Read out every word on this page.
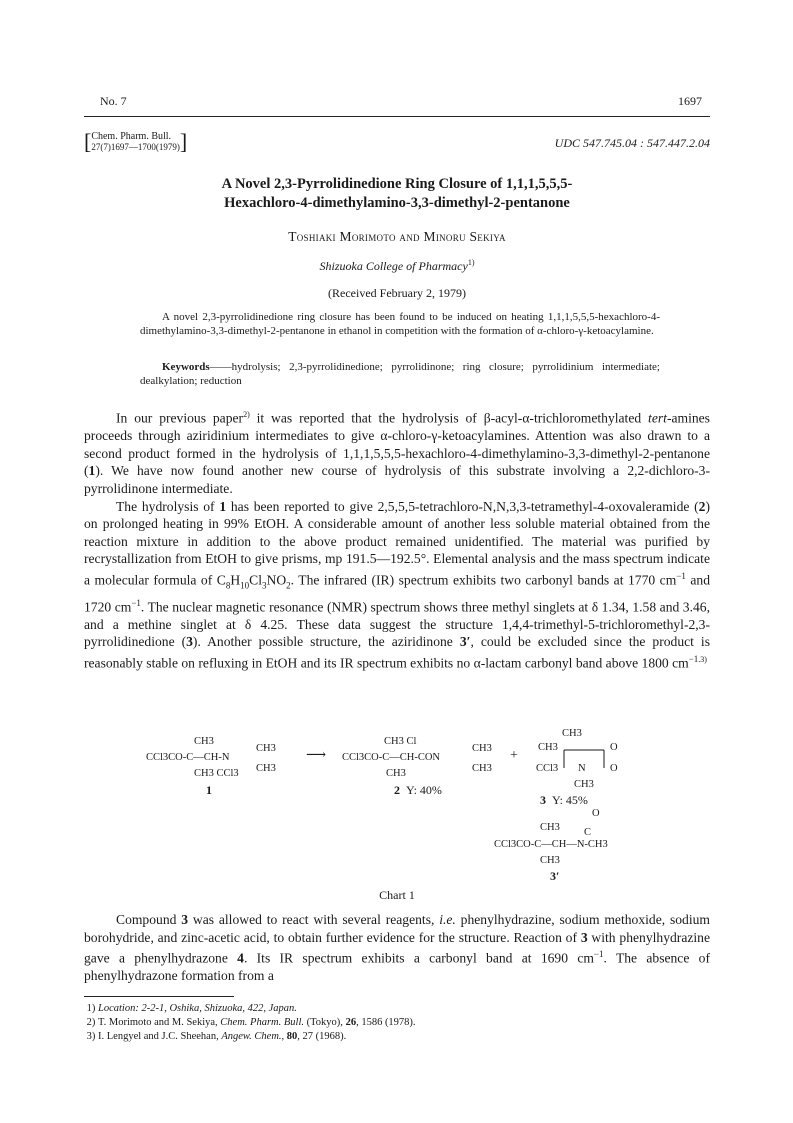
No. 7	1697
[ Chem. Pharm. Bull.
27(7)1697—1700(1979) ]	UDC 547.745.04 : 547.447.2.04
A Novel 2,3-Pyrrolidinedione Ring Closure of 1,1,1,5,5,5-
Hexachloro-4-dimethylamino-3,3-dimethyl-2-pentanone
Toshiaki Morimoto and Minoru Sekiya
Shizuoka College of Pharmacy$^{1)}$
(Received February 2, 1979)
A novel 2,3-pyrrolidinedione ring closure has been found to be induced on heating 1,1,1,5,5,5-hexachloro-4-dimethylamino-3,3-dimethyl-2-pentanone in ethanol in competition with the formation of α-chloro-γ-ketoacylamine.
Keywords——hydrolysis; 2,3-pyrrolidinedione; pyrrolidinone; ring closure; pyrrolidinium intermediate; dealkylation; reduction

In our previous paper$^{2)}$ it was reported that the hydrolysis of β-acyl-α-trichloromethylated tert-amines proceeds through aziridinium intermediates to give α-chloro-γ-ketoacylamines. Attention was also drawn to a second product formed in the hydrolysis of 1,1,1,5,5,5-hexachloro-4-dimethylamino-3,3-dimethyl-2-pentanone (1). We have now found another new course of hydrolysis of this substrate involving a 2,2-dichloro-3-pyrrolidinone intermediate.

The hydrolysis of 1 has been reported to give 2,5,5,5-tetrachloro-N,N,3,3-tetramethyl-4-oxovaleramide (2) on prolonged heating in 99% EtOH. A considerable amount of another less soluble material obtained from the reaction mixture in addition to the above product remained unidentified. The material was purified by recrystallization from EtOH to give prisms, mp 191.5—192.5°. Elemental analysis and the mass spectrum indicate a molecular formula of $C_8H_{10}Cl_3NO_2$. The infrared (IR) spectrum exhibits two carbonyl bands at 1770 $cm^{-1}$ and 1720 $cm^{-1}$. The nuclear magnetic resonance (NMR) spectrum shows three methyl singlets at δ 1.34, 1.58 and 3.46, and a methine singlet at δ 4.25. These data suggest the structure 1,4,4-trimethyl-5-trichloromethyl-2,3-pyrrolidinedione (3). Another possible structure, the aziridinone 3′, could be excluded since the product is reasonably stable on refluxing in EtOH and its IR spectrum exhibits no α-lactam carbonyl band above 1800 $cm^{-1.3)}$

CH3
CH3
CCl3CO-C—CH-N
CH3
CH3 CCl3
1
⟶
CH3 Cl
CH3
CCl3CO-C—CH-CON
CH3
CH3
2 Y: 40%
+
CH3
CH3	O
CCl3 N O
CH3
3 Y: 45%
O
CH3 C
CCl3CO-C—CH—N-CH3
CH3
3′
Chart 1

Compound 3 was allowed to react with several reagents, i.e. phenylhydrazine, sodium methoxide, sodium borohydride, and zinc-acetic acid, to obtain further evidence for the structure. Reaction of 3 with phenylhydrazine gave a phenylhydrazone 4. Its IR spectrum exhibits a carbonyl band at 1690 $cm^{-1}$. The absence of phenylhydrazone formation from a

1) Location: 2-2-1, Oshika, Shizuoka, 422, Japan.
2) T. Morimoto and M. Sekiya, Chem. Pharm. Bull. (Tokyo), 26, 1586 (1978).
3) I. Lengyel and J.C. Sheehan, Angew. Chem., 80, 27 (1968).
